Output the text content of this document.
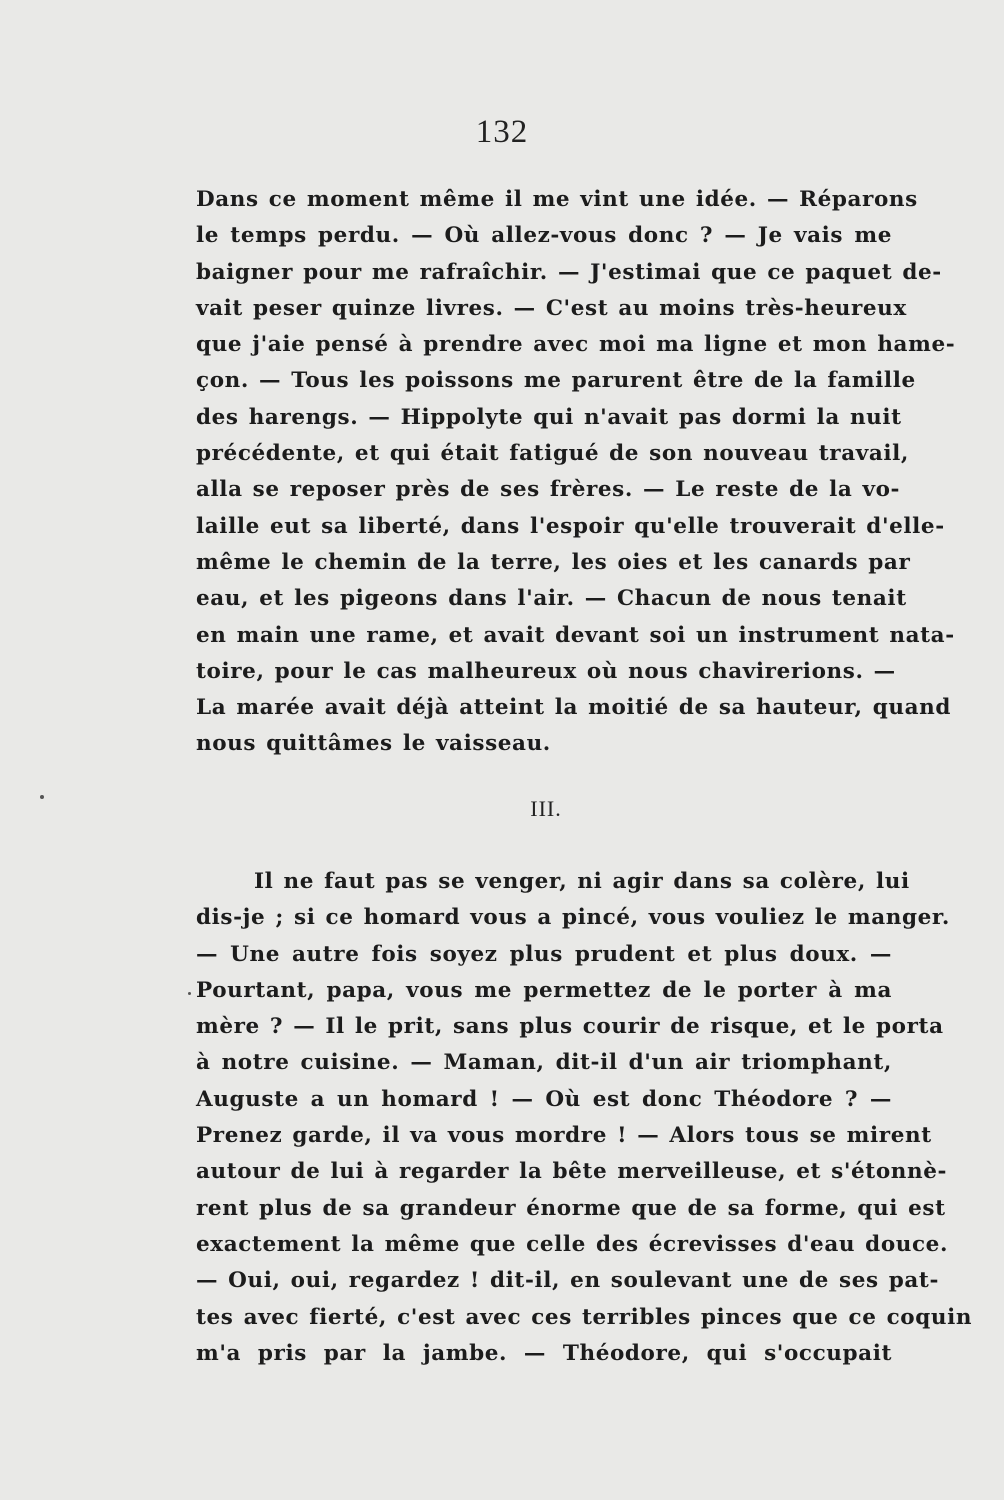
132
Dans ce moment même il me vint une idée. — Réparons
le temps perdu. — Où allez-vous donc ? — Je vais me
baigner pour me rafraîchir. — J'estimai que ce paquet de-
vait peser quinze livres. — C'est au moins très-heureux
que j'aie pensé à prendre avec moi ma ligne et mon hame-
çon. — Tous les poissons me parurent être de la famille
des harengs. — Hippolyte qui n'avait pas dormi la nuit
précédente, et qui était fatigué de son nouveau travail,
alla se reposer près de ses frères. — Le reste de la vo-
laille eut sa liberté, dans l'espoir qu'elle trouverait d'elle-
même le chemin de la terre, les oies et les canards par
eau, et les pigeons dans l'air. — Chacun de nous tenait
en main une rame, et avait devant soi un instrument nata-
toire, pour le cas malheureux où nous chavirerions. —
La marée avait déjà atteint la moitié de sa hauteur, quand
nous quittâmes le vaisseau.
III.
Il ne faut pas se venger, ni agir dans sa colère, lui
dis-je ; si ce homard vous a pincé, vous vouliez le manger.
— Une autre fois soyez plus prudent et plus doux. —
Pourtant, papa, vous me permettez de le porter à ma
mère ? — Il le prit, sans plus courir de risque, et le porta
à notre cuisine. — Maman, dit-il d'un air triomphant,
Auguste a un homard ! — Où est donc Théodore ? —
Prenez garde, il va vous mordre ! — Alors tous se mirent
autour de lui à regarder la bête merveilleuse, et s'étonnè-
rent plus de sa grandeur énorme que de sa forme, qui est
exactement la même que celle des écrevisses d'eau douce.
— Oui, oui, regardez ! dit-il, en soulevant une de ses pat-
tes avec fierté, c'est avec ces terribles pinces que ce coquin
m'a pris par la jambe. — Théodore, qui s'occupait
